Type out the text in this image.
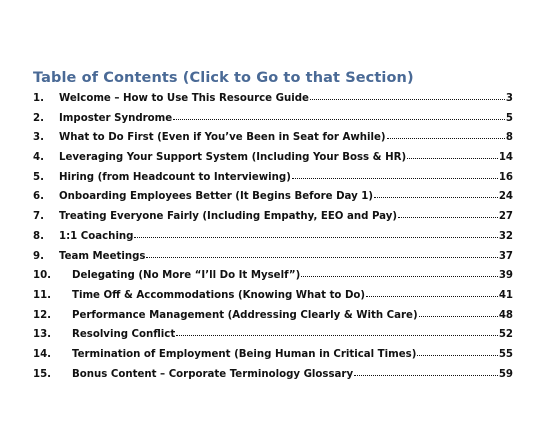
Table of Contents (Click to Go to that Section)
1.	Welcome – How to Use This Resource Guide	3
2.	Imposter Syndrome	5
3.	What to Do First (Even if You’ve Been in Seat for Awhile)	8
4.	Leveraging Your Support System (Including Your Boss & HR)	14
5.	Hiring (from Headcount to Interviewing)	16
6.	Onboarding Employees Better (It Begins Before Day 1)	24
7.	Treating Everyone Fairly (Including Empathy, EEO and Pay)	27
8.	1:1 Coaching	32
9.	Team Meetings	37
10.	Delegating (No More “I’ll Do It Myself”)	39
11.	Time Off & Accommodations (Knowing What to Do)	41
12.	Performance Management (Addressing Clearly & With Care)	48
13.	Resolving Conflict	52
14.	Termination of Employment (Being Human in Critical Times)	55
15.	Bonus Content – Corporate Terminology Glossary	59
